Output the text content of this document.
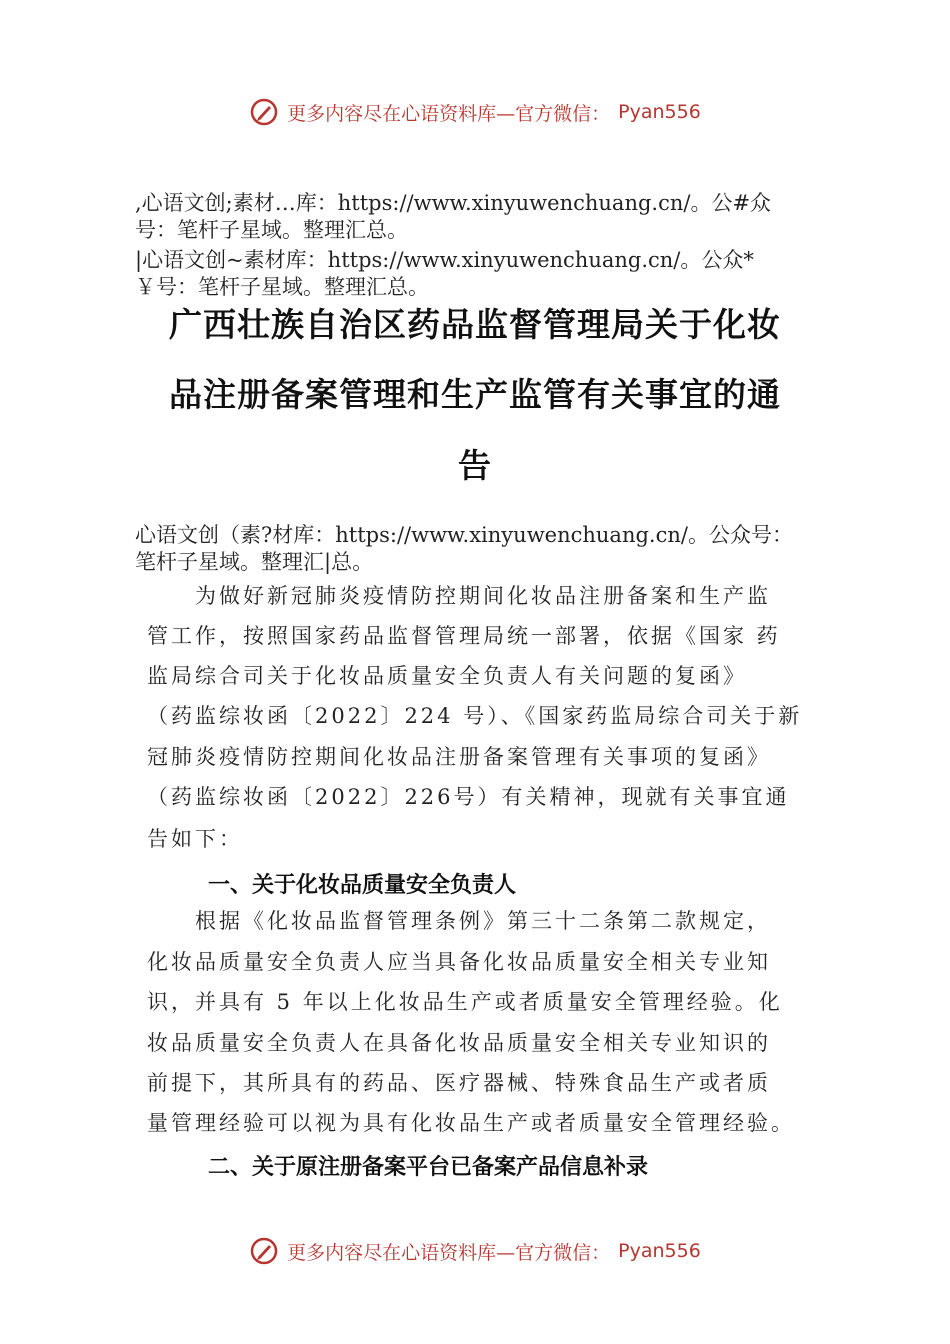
更多内容尽在心语资料库—官方微信： Pyan556
,心语文创;素材…库：https://www.xinyuwenchuang.cn/。公#众
号：笔杆子星域。整理汇总。
|心语文创~素材库：https://www.xinyuwenchuang.cn/。公众*
￥号：笔杆子星域。整理汇总。
广西壮族自治区药品监督管理局关于化妆
品注册备案管理和生产监管有关事宜的通
告
心语文创（素?材库：https://www.xinyuwenchuang.cn/。公众号：
笔杆子星域。整理汇|总。
　　为做好新冠肺炎疫情防控期间化妆品注册备案和生产监
管工作，按照国家药品监督管理局统一部署，依据《国家 药
监局综合司关于化妆品质量安全负责人有关问题的复函》
（药监综妆函〔2022〕224 号）、《国家药监局综合司关于新
冠肺炎疫情防控期间化妆品注册备案管理有关事项的复函》
（药监综妆函〔2022〕226号）有关精神，现就有关事宜通
告如下：
一、关于化妆品质量安全负责人
　　根据《化妆品监督管理条例》第三十二条第二款规定，
化妆品质量安全负责人应当具备化妆品质量安全相关专业知
识，并具有 5 年以上化妆品生产或者质量安全管理经验。化
妆品质量安全负责人在具备化妆品质量安全相关专业知识的
前提下，其所具有的药品、医疗器械、特殊食品生产或者质
量管理经验可以视为具有化妆品生产或者质量安全管理经验。
二、关于原注册备案平台已备案产品信息补录
更多内容尽在心语资料库—官方微信： Pyan556
